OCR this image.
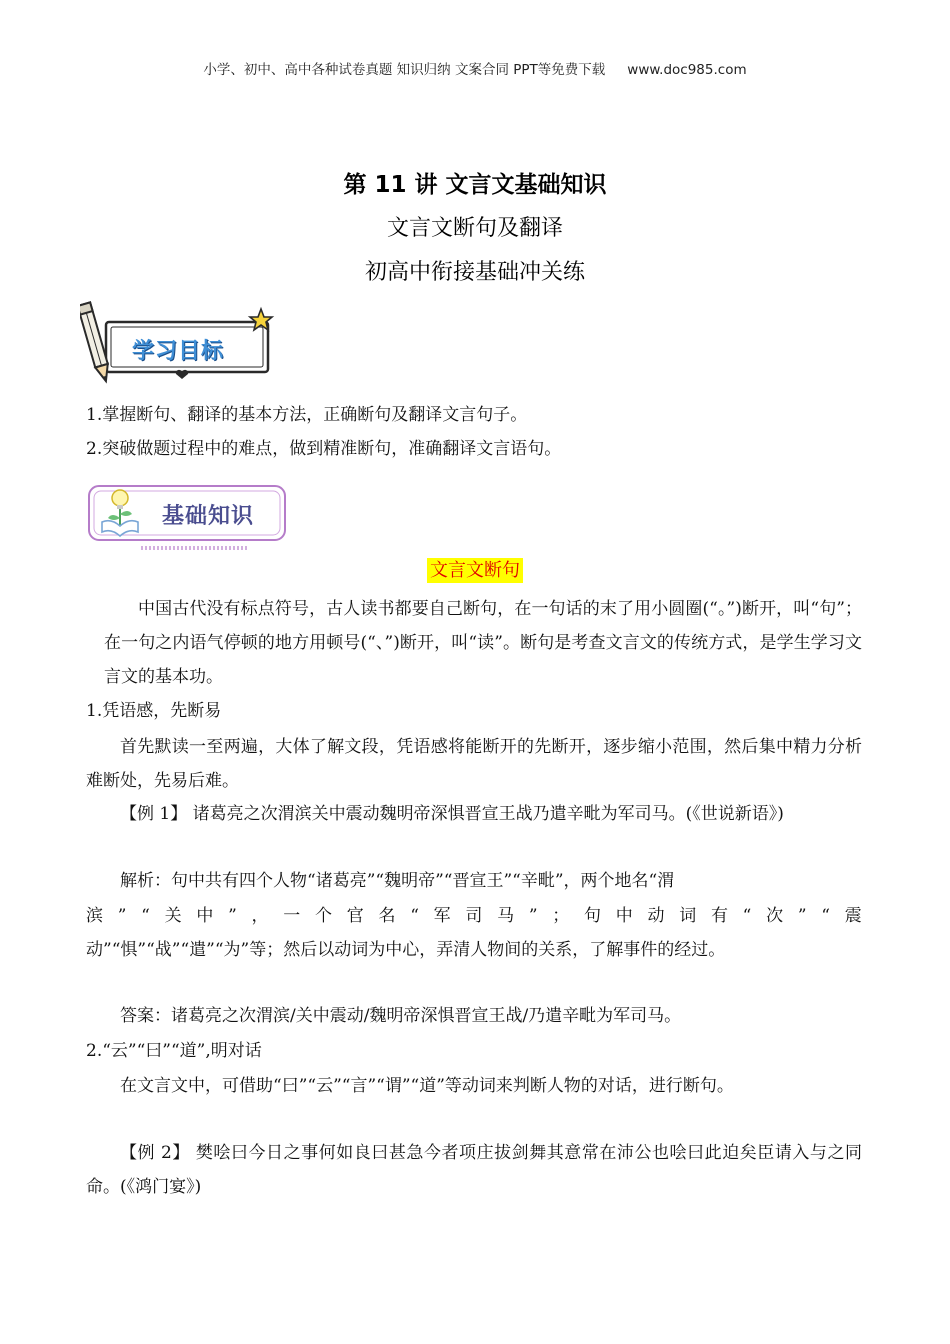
小学、初中、高中各种试卷真题 知识归纳 文案合同 PPT等免费下载 www.doc985.com
第 11 讲 文言文基础知识
文言文断句及翻译
初高中衔接基础冲关练
学习目标
1.掌握断句、翻译的基本方法，正确断句及翻译文言句子。
2.突破做题过程中的难点，做到精准断句，准确翻译文言语句。
基础知识
文言文断句
中国古代没有标点符号，古人读书都要自己断句，在一句话的末了用小圆圈(“。”)断开，叫“句”；在一句之内语气停顿的地方用顿号(“、”)断开，叫“读”。断句是考查文言文的传统方式，是学生学习文言文的基本功。
1.凭语感，先断易
首先默读一至两遍，大体了解文段，凭语感将能断开的先断开，逐步缩小范围，然后集中精力分析难断处，先易后难。
【例 1】 诸葛亮之次渭滨关中震动魏明帝深惧晋宣王战乃遣辛毗为军司马。(《世说新语》)
解析：句中共有四个人物“诸葛亮”“魏明帝”“晋宣王”“辛毗”，两个地名“渭
滨 ” “ 关 中 ” ， 一 个 官 名 “ 军 司 马 ” ； 句 中 动 词 有 “ 次 ” “ 震
动”“惧”“战”“遣”“为”等；然后以动词为中心，弄清人物间的关系，了解事件的经过。
答案：诸葛亮之次渭滨/关中震动/魏明帝深惧晋宣王战/乃遣辛毗为军司马。
2.“云”“曰”“道”,明对话
在文言文中，可借助“曰”“云”“言”“谓”“道”等动词来判断人物的对话，进行断句。
【例 2】 樊哙曰今日之事何如良曰甚急今者项庄拔剑舞其意常在沛公也哙曰此迫矣臣请入与之同命。(《鸿门宴》)
